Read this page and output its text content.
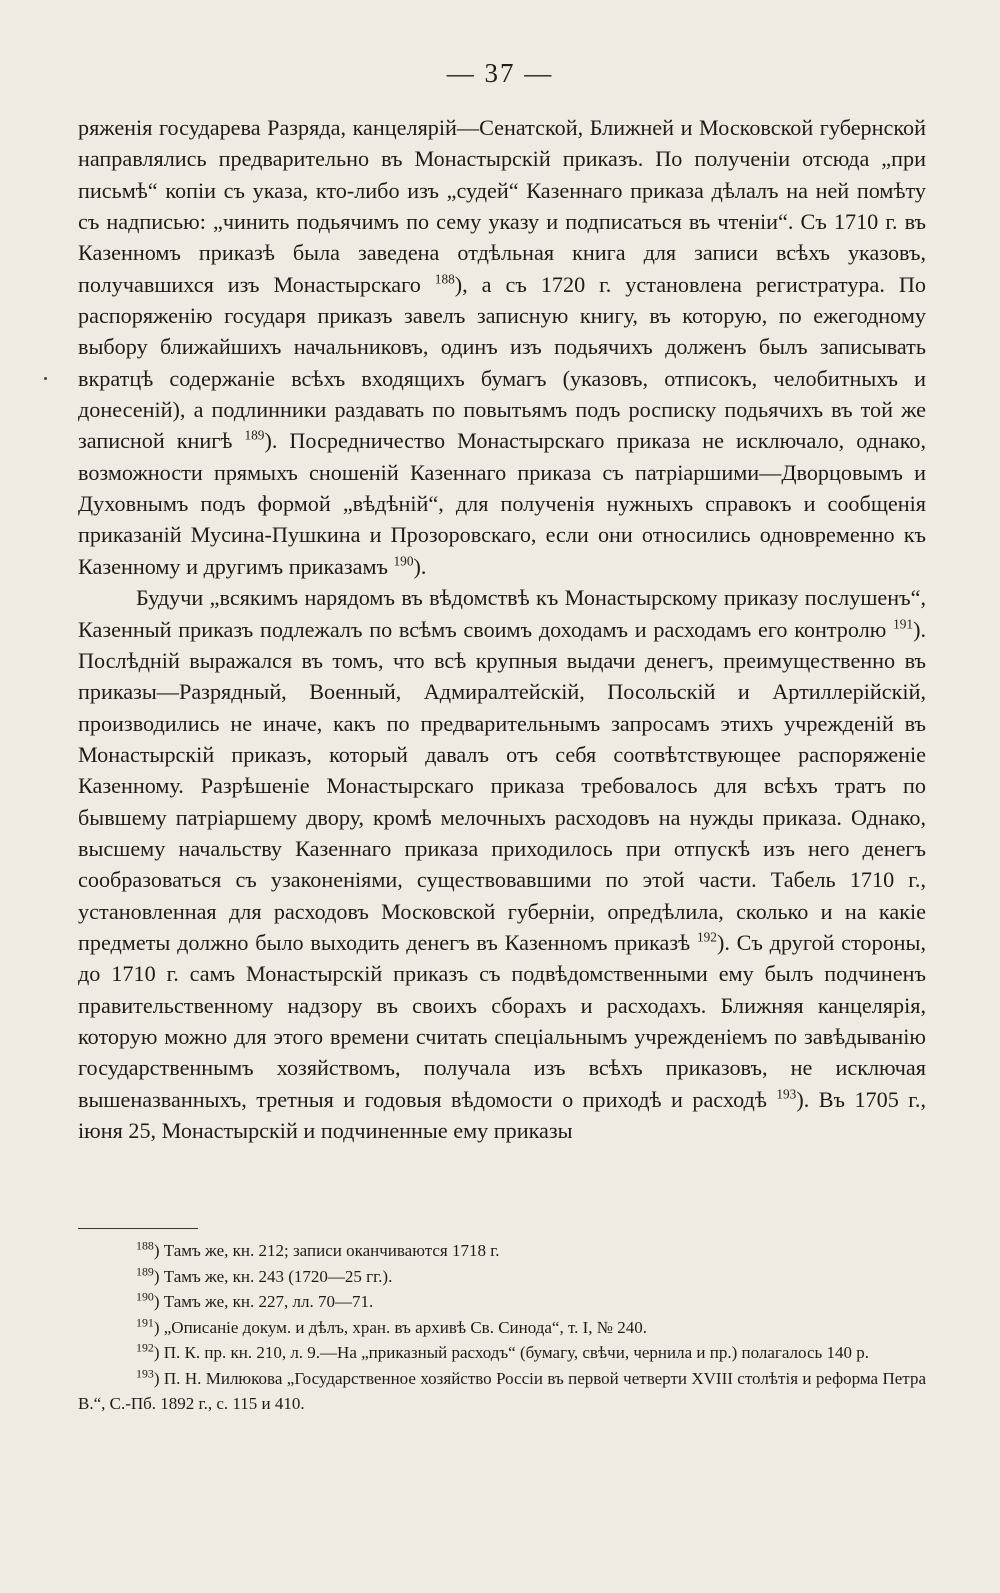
— 37 —

ряженія государева Разряда, канцелярій—Сенатской, Ближней и Московской губернской направлялись предварительно въ Монастырскій приказъ. По полученіи отсюда „при письмѣ“ копіи съ указа, кто-либо изъ „судей“ Казеннаго приказа дѣлалъ на ней помѣту съ надписью: „чинить подьячимъ по сему указу и подписаться въ чтеніи“. Съ 1710 г. въ Казенномъ приказѣ была заведена отдѣльная книга для записи всѣхъ указовъ, получавшихся изъ Монастырскаго $^{188}$), а съ 1720 г. установлена регистратура. По распоряженію государя приказъ завелъ записную книгу, въ которую, по ежегодному выбору ближайшихъ начальниковъ, одинъ изъ подьячихъ долженъ былъ записывать вкратцѣ содержаніе всѣхъ входящихъ бумагъ (указовъ, отписокъ, челобитныхъ и донесеній), а подлинники раздавать по повытьямъ подъ росписку подьячихъ въ той же записной книгѣ $^{189}$). Посредничество Монастырскаго приказа не исключало, однако, возможности прямыхъ сношеній Казеннаго приказа съ патріаршими—Дворцовымъ и Духовнымъ подъ формой „вѣдѣній“, для полученія нужныхъ справокъ и сообщенія приказаній Мусина-Пушкина и Прозоровскаго, если они относились одновременно къ Казенному и другимъ приказамъ $^{190}$).

Будучи „всякимъ нарядомъ въ вѣдомствѣ къ Монастырскому приказу послушенъ“, Казенный приказъ подлежалъ по всѣмъ своимъ доходамъ и расходамъ его контролю $^{191}$). Послѣдній выражался въ томъ, что всѣ крупныя выдачи денегъ, преимущественно въ приказы—Разрядный, Военный, Адмиралтейскій, Посольскій и Артиллерійскій, производились не иначе, какъ по предварительнымъ запросамъ этихъ учрежденій въ Монастырскій приказъ, который давалъ отъ себя соотвѣтствующее распоряженіе Казенному. Разрѣшеніе Монастырскаго приказа требовалось для всѣхъ тратъ по бывшему патріаршему двору, кромѣ мелочныхъ расходовъ на нужды приказа. Однако, высшему начальству Казеннаго приказа приходилось при отпускѣ изъ него денегъ сообразоваться съ узаконеніями, существовавшими по этой части. Табель 1710 г., установленная для расходовъ Московской губерніи, опредѣлила, сколько и на какіе предметы должно было выходить денегъ въ Казенномъ приказѣ $^{192}$). Съ другой стороны, до 1710 г. самъ Монастырскій приказъ съ подвѣдомственными ему былъ подчиненъ правительственному надзору въ своихъ сборахъ и расходахъ. Ближняя канцелярія, которую можно для этого времени считать спеціальнымъ учрежденіемъ по завѣдыванію государственнымъ хозяйствомъ, получала изъ всѣхъ приказовъ, не исключая вышеназванныхъ, третныя и годовыя вѣдомости о приходѣ и расходѣ $^{193}$). Въ 1705 г., іюня 25, Монастырскій и подчиненные ему приказы

$^{188}$) Тамъ же, кн. 212; записи оканчиваются 1718 г.

$^{189}$) Тамъ же, кн. 243 (1720—25 гг.).

$^{190}$) Тамъ же, кн. 227, лл. 70—71.

$^{191}$) „Описаніе докум. и дѣлъ, хран. въ архивѣ Св. Синода“, т. I, № 240.

$^{192}$) П. К. пр. кн. 210, л. 9.—На „приказный расходъ“ (бумагу, свѣчи, чернила и пр.) полагалось 140 р.

$^{193}$) П. Н. Милюкова „Государственное хозяйство Россіи въ первой четверти XVIII столѣтія и реформа Петра В.“, С.-Пб. 1892 г., с. 115 и 410.
